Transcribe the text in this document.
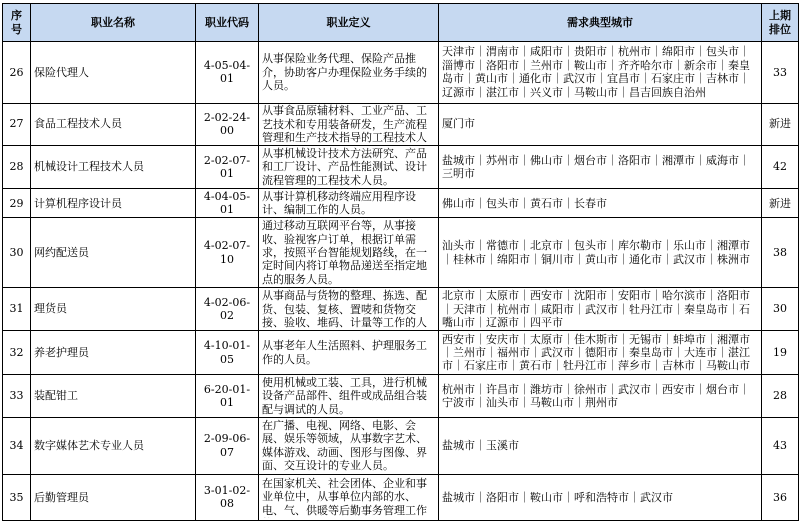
序号	职业名称	职业代码	职业定义	需求典型城市	上期排位
26	保险代理人	4-05-04-01	从事保险业务代理、保险产品推介，协助客户办理保险业务手续的人员。	天津市｜渭南市｜咸阳市｜贵阳市｜杭州市｜绵阳市｜包头市｜淄博市｜洛阳市｜兰州市｜鞍山市｜齐齐哈尔市｜新余市｜秦皇岛市｜黄山市｜通化市｜武汉市｜宜昌市｜石家庄市｜吉林市｜辽源市｜湛江市｜兴义市｜马鞍山市｜昌吉回族自治州	33
27	食品工程技术人员	2-02-24-00	从事食品原辅材料、工业产品、工艺技术和专用装备研发，生产流程管理和生产技术指导的工程技术人	厦门市	新进
28	机械设计工程技术人员	2-02-07-01	从事机械设计技术方法研究、产品和工厂设计、产品性能测试、设计流程管理的工程技术人员。	盐城市｜苏州市｜佛山市｜烟台市｜洛阳市｜湘潭市｜威海市｜三明市	42
29	计算机程序设计员	4-04-05-01	从事计算机移动终端应用程序设计、编制工作的人员。	佛山市｜包头市｜黄石市｜长春市	新进
30	网约配送员	4-02-07-10	通过移动互联网平台等，从事接收、验视客户订单，根据订单需求，按照平台智能规划路线，在一定时间内将订单物品递送至指定地点的服务人员。	汕头市｜常德市｜北京市｜包头市｜库尔勒市｜乐山市｜湘潭市｜桂林市｜绵阳市｜铜川市｜黄山市｜通化市｜武汉市｜株洲市	38
31	理货员	4-02-06-02	从事商品与货物的整理、拣选、配货、包装、复核、置唛和货物交接、验收、堆码、计量等工作的人	北京市｜太原市｜西安市｜沈阳市｜安阳市｜哈尔滨市｜洛阳市｜天津市｜杭州市｜咸阳市｜武汉市｜牡丹江市｜秦皇岛市｜石嘴山市｜辽源市｜四平市	30
32	养老护理员	4-10-01-05	从事老年人生活照料、护理服务工作的人员。	西安市｜安庆市｜太原市｜佳木斯市｜无锡市｜蚌埠市｜湘潭市｜兰州市｜福州市｜武汉市｜德阳市｜秦皇岛市｜大连市｜湛江市｜石家庄市｜黄石市｜牡丹江市｜萍乡市｜吉林市｜马鞍山市	19
33	装配钳工	6-20-01-01	使用机械或工装、工具，进行机械设备产品部件、组件或成品组合装配与调试的人员。	杭州市｜许昌市｜潍坊市｜徐州市｜武汉市｜西安市｜烟台市｜宁波市｜汕头市｜马鞍山市｜荆州市	28
34	数字媒体艺术专业人员	2-09-06-07	在广播、电视、网络、电影、会展、娱乐等领域，从事数字艺术、媒体游戏、动画、图形与图像、界面、交互设计的专业人员。	盐城市｜玉溪市	43
35	后勤管理员	3-01-02-08	在国家机关、社会团体、企业和事业单位中，从事单位内部的水、电、气、供暖等后勤事务管理工作	盐城市｜洛阳市｜鞍山市｜呼和浩特市｜武汉市	36
